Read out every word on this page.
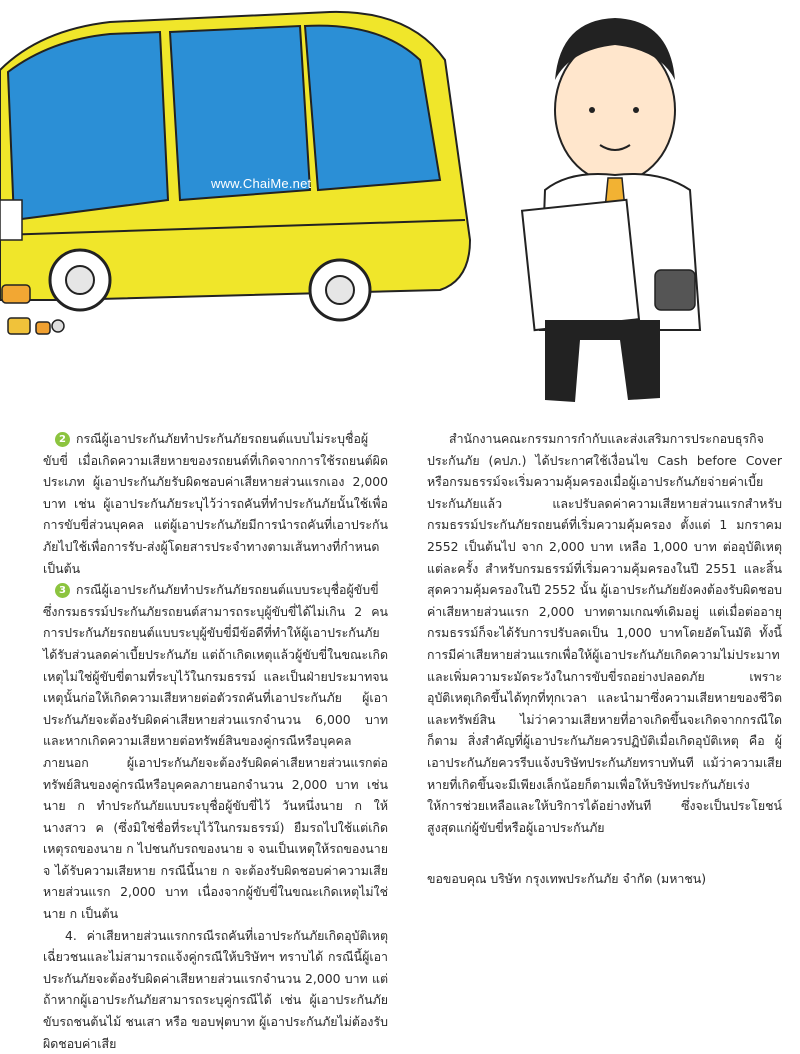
www.ChaiMe.net

2 กรณีผู้เอาประกันภัยทำประกันภัยรถยนต์แบบไม่ระบุชื่อผู้ขับขี่ เมื่อเกิดความเสียหายของรถยนต์ที่เกิดจากการใช้รถยนต์ผิดประเภท ผู้เอาประกันภัยรับผิดชอบค่าเสียหายส่วนแรกเอง 2,000 บาท เช่น ผู้เอาประกันภัยระบุไว้ว่ารถคันที่ทำประกันภัยนั้นใช้เพื่อการขับขี่ส่วนบุคคล แต่ผู้เอาประกันภัยมีการนำรถคันที่เอาประกันภัยไปใช้เพื่อการรับ-ส่งผู้โดยสารประจำทางตามเส้นทางที่กำหนด เป็นต้น

3 กรณีผู้เอาประกันภัยทำประกันภัยรถยนต์แบบระบุชื่อผู้ขับขี่ ซึ่งกรมธรรม์ประกันภัยรถยนต์สามารถระบุผู้ขับขี่ได้ไม่เกิน 2 คน การประกันภัยรถยนต์แบบระบุผู้ขับขี่มีข้อดีที่ทำให้ผู้เอาประกันภัยได้รับส่วนลดค่าเบี้ยประกันภัย แต่ถ้าเกิดเหตุแล้วผู้ขับขี่ในขณะเกิดเหตุไม่ใช่ผู้ขับขี่ตามที่ระบุไว้ในกรมธรรม์ และเป็นฝ่ายประมาทจนเหตุนั้นก่อให้เกิดความเสียหายต่อตัวรถคันที่เอาประกันภัย ผู้เอาประกันภัยจะต้องรับผิดค่าเสียหายส่วนแรกจำนวน 6,000 บาท และหากเกิดความเสียหายต่อทรัพย์สินของคู่กรณีหรือบุคคลภายนอก ผู้เอาประกันภัยจะต้องรับผิดค่าเสียหายส่วนแรกต่อทรัพย์สินของคู่กรณีหรือบุคคลภายนอกจำนวน 2,000 บาท เช่น นาย ก ทำประกันภัยแบบระบุชื่อผู้ขับขี่ไว้ วันหนึ่งนาย ก ให้นางสาว ค (ซึ่งมิใช่ชื่อที่ระบุไว้ในกรมธรรม์) ยืมรถไปใช้แต่เกิดเหตุรถของนาย ก ไปชนกับรถของนาย จ จนเป็นเหตุให้รถของนาย จ ได้รับความเสียหาย กรณีนี้นาย ก จะต้องรับผิดชอบค่าความเสียหายส่วนแรก 2,000 บาท เนื่องจากผู้ขับขี่ในขณะเกิดเหตุไม่ใช่นาย ก เป็นต้น

4. ค่าเสียหายส่วนแรกกรณีรถคันที่เอาประกันภัยเกิดอุบัติเหตุเฉี่ยวชนและไม่สามารถแจ้งคู่กรณีให้บริษัทฯ ทราบได้ กรณีนี้ผู้เอาประกันภัยจะต้องรับผิดค่าเสียหายส่วนแรกจำนวน 2,000 บาท แต่ถ้าหากผู้เอาประกันภัยสามารถระบุคู่กรณีได้ เช่น ผู้เอาประกันภัยขับรถชนต้นไม้ ชนเสา หรือ ขอบฟุตบาท ผู้เอาประกันภัยไม่ต้องรับผิดชอบค่าเสีย

สำนักงานคณะกรรมการกำกับและส่งเสริมการประกอบธุรกิจประกันภัย (คปภ.) ได้ประกาศใช้เงื่อนไข Cash before Cover หรือกรมธรรม์จะเริ่มความคุ้มครองเมื่อผู้เอาประกันภัยจ่ายค่าเบี้ยประกันภัยแล้ว และปรับลดค่าความเสียหายส่วนแรกสำหรับกรมธรรม์ประกันภัยรถยนต์ที่เริ่มความคุ้มครอง ตั้งแต่ 1 มกราคม 2552 เป็นต้นไป จาก 2,000 บาท เหลือ 1,000 บาท ต่ออุบัติเหตุแต่ละครั้ง สำหรับกรมธรรม์ที่เริ่มความคุ้มครองในปี 2551 และสิ้นสุดความคุ้มครองในปี 2552 นั้น ผู้เอาประกันภัยยังคงต้องรับผิดชอบค่าเสียหายส่วนแรก 2,000 บาทตามเกณฑ์เดิมอยู่ แต่เมื่อต่ออายุกรมธรรม์ก็จะได้รับการปรับลดเป็น 1,000 บาทโดยอัตโนมัติ ทั้งนี้ การมีค่าเสียหายส่วนแรกเพื่อให้ผู้เอาประกันภัยเกิดความไม่ประมาท และเพิ่มความระมัดระวังในการขับขี่รถอย่างปลอดภัย เพราะอุบัติเหตุเกิดขึ้นได้ทุกที่ทุกเวลา และนำมาซึ่งความเสียหายของชีวิตและทรัพย์สิน ไม่ว่าความเสียหายที่อาจเกิดขึ้นจะเกิดจากกรณีใดก็ตาม สิ่งสำคัญที่ผู้เอาประกันภัยควรปฏิบัติเมื่อเกิดอุบัติเหตุ คือ ผู้เอาประกันภัยควรรีบแจ้งบริษัทประกันภัยทราบทันที แม้ว่าความเสียหายที่เกิดขึ้นจะมีเพียงเล็กน้อยก็ตามเพื่อให้บริษัทประกันภัยเร่งให้การช่วยเหลือและให้บริการได้อย่างทันที ซึ่งจะเป็นประโยชน์สูงสุดแก่ผู้ขับขี่หรือผู้เอาประกันภัย

ขอขอบคุณ บริษัท กรุงเทพประกันภัย จำกัด (มหาชน)
